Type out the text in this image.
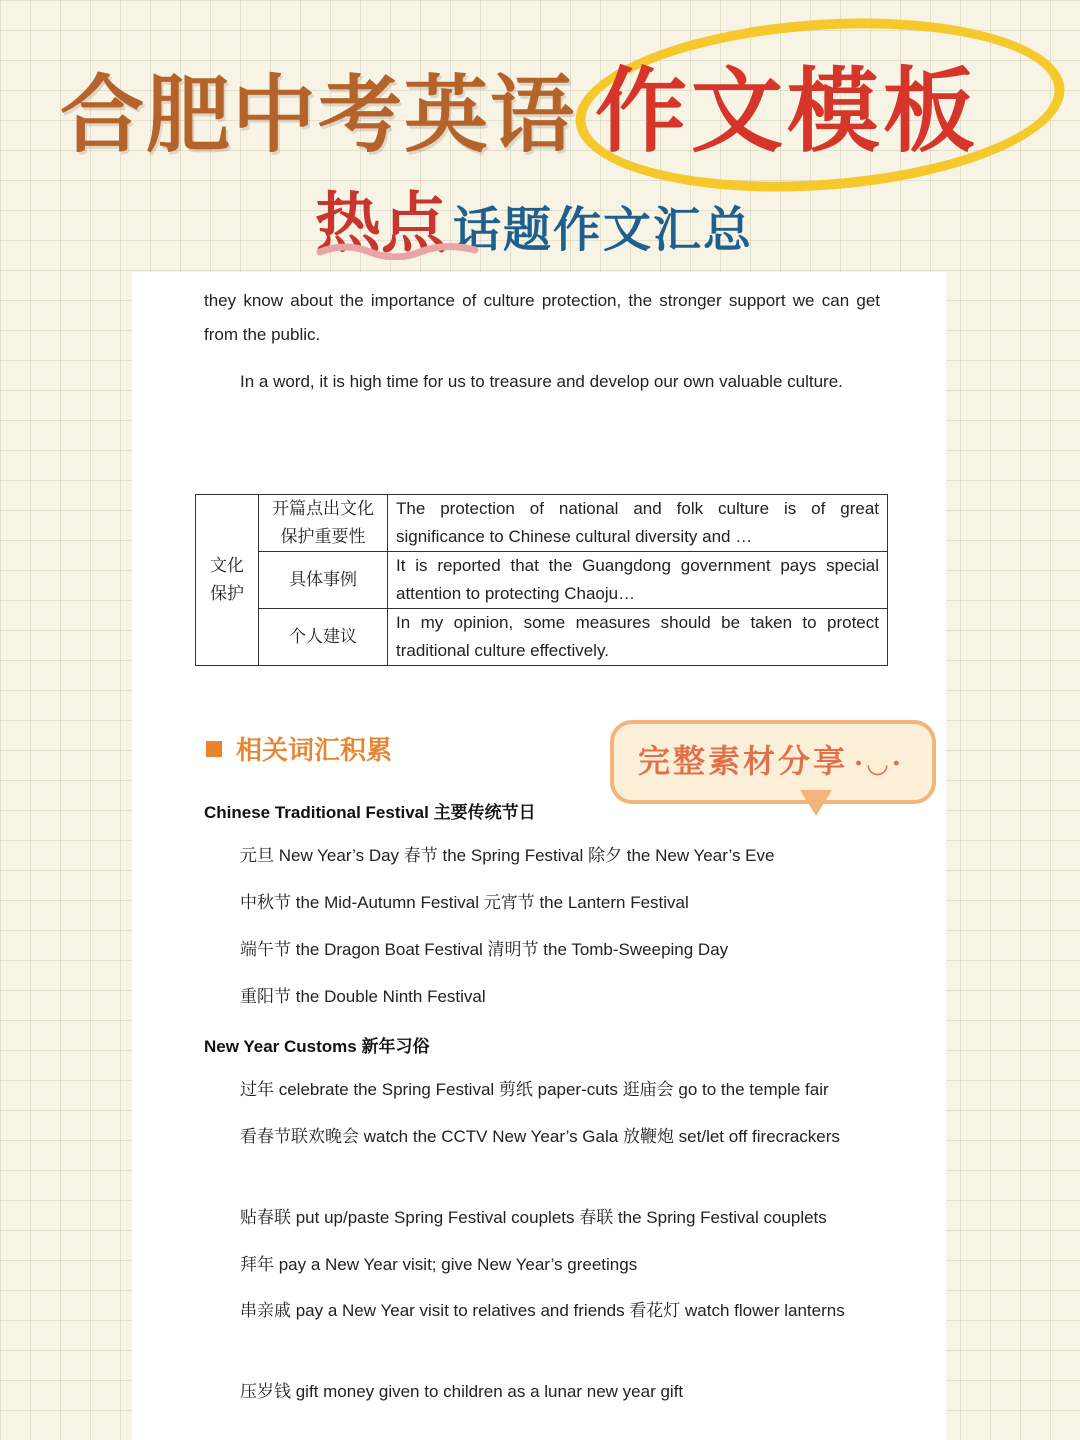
合肥中考英语 作文模板
热点 话题作文汇总
they know about the importance of culture protection, the stronger support we can get from the public.
In a word, it is high time for us to treasure and develop our own valuable culture.
文化保护	开篇点出文化保护重要性	The protection of national and folk culture is of great significance to Chinese cultural diversity and …
	具体事例	It is reported that the Guangdong government pays special attention to protecting Chaoju…
	个人建议	In my opinion, some measures should be taken to protect traditional culture effectively.
相关词汇积累	完整素材分享 ·◡·
Chinese Traditional Festival 主要传统节日
元旦 New Year’s Day 春节 the Spring Festival 除夕 the New Year’s Eve
中秋节 the Mid-Autumn Festival 元宵节 the Lantern Festival
端午节 the Dragon Boat Festival 清明节 the Tomb-Sweeping Day
重阳节 the Double Ninth Festival
New Year Customs 新年习俗
过年 celebrate the Spring Festival 剪纸 paper-cuts 逛庙会 go to the temple fair
看春节联欢晚会 watch the CCTV New Year’s Gala 放鞭炮 set/let off firecrackers
贴春联 put up/paste Spring Festival couplets 春联 the Spring Festival couplets
拜年 pay a New Year visit; give New Year’s greetings
串亲戚 pay a New Year visit to relatives and friends 看花灯 watch flower lanterns
压岁钱 gift money given to children as a lunar new year gift
